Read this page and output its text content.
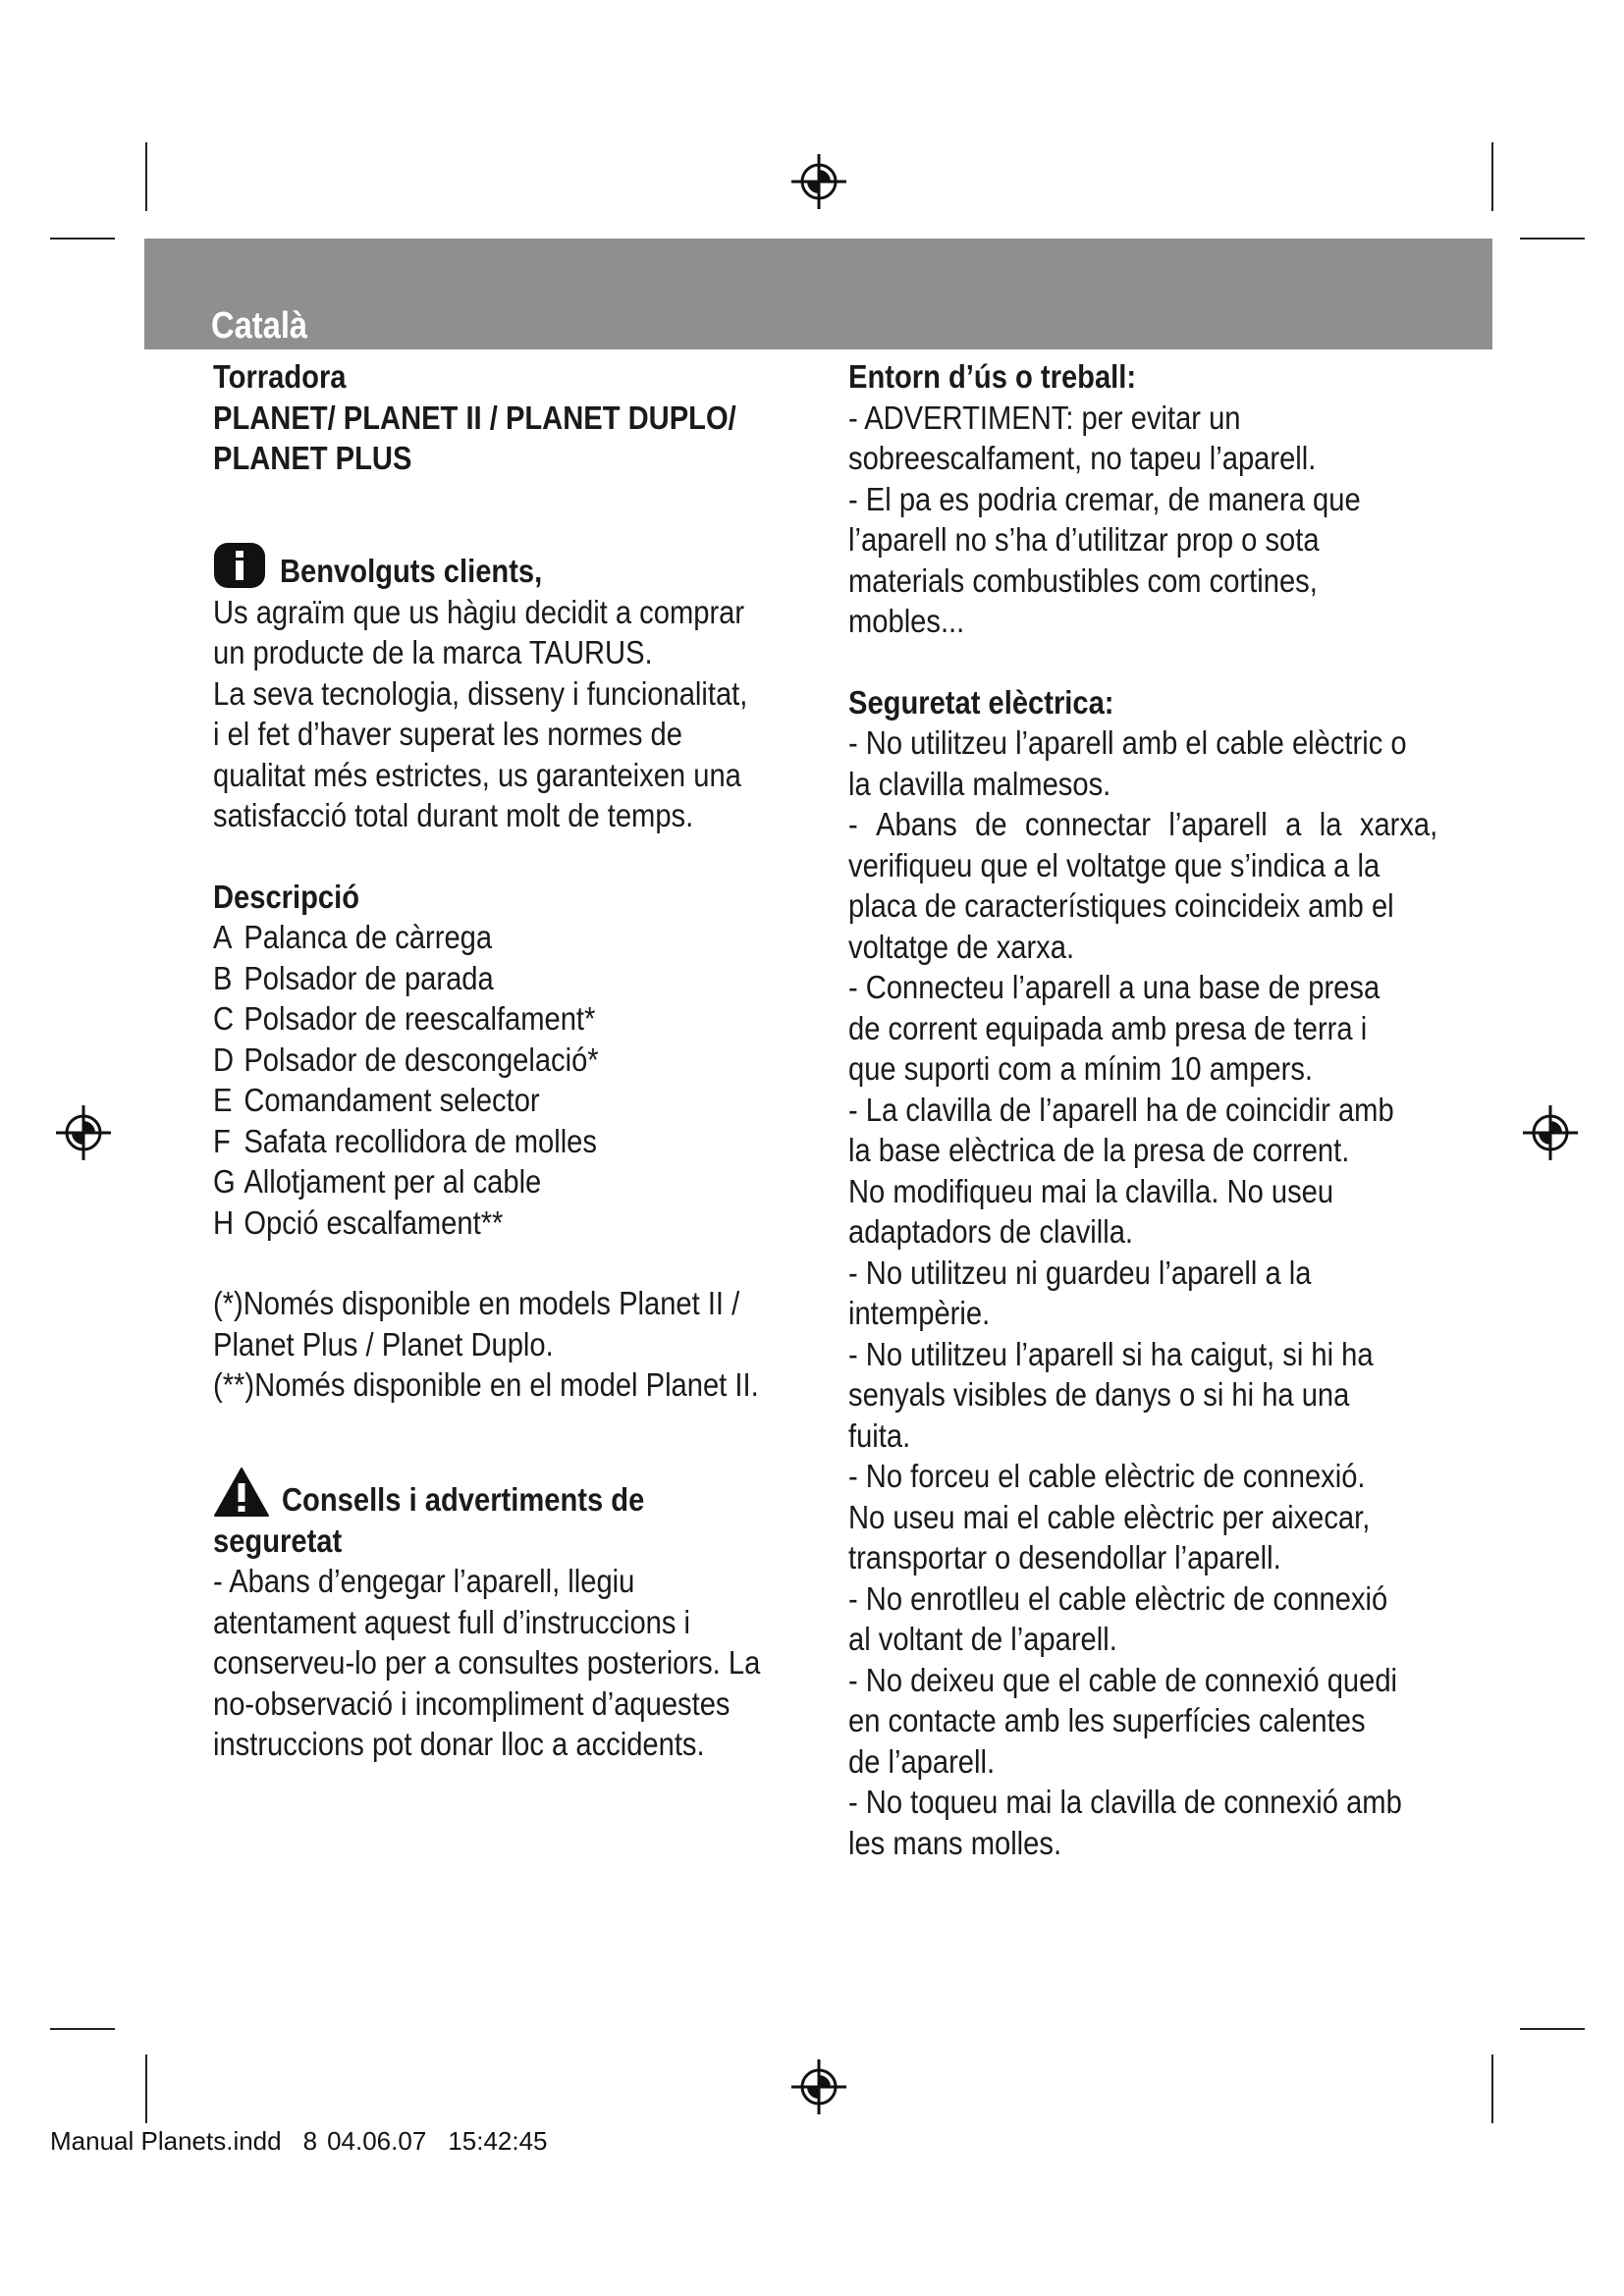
Català
Torradora
PLANET/ PLANET II / PLANET DUPLO/
PLANET PLUS
Benvolguts clients,
Us agraïm que us hàgiu decidit a comprar
un producte de la marca TAURUS.
La seva tecnologia, disseny i funcionalitat,
i el fet d’haver superat les normes de
qualitat més estrictes, us garanteixen una
satisfacció total durant molt de temps.
Descripció
A Palanca de càrrega
B Polsador de parada
C Polsador de reescalfament*
D Polsador de descongelació*
E Comandament selector
F Safata recollidora de molles
G Allotjament per al cable
H Opció escalfament**
(*)Només disponible en models Planet II /
Planet Plus / Planet Duplo.
(**)Només disponible en el model Planet II.
Consells i advertiments de
seguretat
- Abans d’engegar l’aparell, llegiu
atentament aquest full d’instruccions i
conserveu-lo per a consultes posteriors. La
no-observació i incompliment d’aquestes
instruccions pot donar lloc a accidents.
Entorn d’ús o treball:
- ADVERTIMENT: per evitar un
sobreescalfament, no tapeu l’aparell.
- El pa es podria cremar, de manera que
l’aparell no s’ha d’utilitzar prop o sota
materials combustibles com cortines,
mobles...
Seguretat elèctrica:
- No utilitzeu l’aparell amb el cable elèctric o
la clavilla malmesos.
- Abans de connectar l’aparell a la xarxa,
verifiqueu que el voltatge que s’indica a la
placa de característiques coincideix amb el
voltatge de xarxa.
- Connecteu l’aparell a una base de presa
de corrent equipada amb presa de terra i
que suporti com a mínim 10 ampers.
- La clavilla de l’aparell ha de coincidir amb
la base elèctrica de la presa de corrent.
No modifiqueu mai la clavilla. No useu
adaptadors de clavilla.
- No utilitzeu ni guardeu l’aparell a la
intempèrie.
- No utilitzeu l’aparell si ha caigut, si hi ha
senyals visibles de danys o si hi ha una
fuita.
- No forceu el cable elèctric de connexió.
No useu mai el cable elèctric per aixecar,
transportar o desendollar l’aparell.
- No enrotlleu el cable elèctric de connexió
al voltant de l’aparell.
- No deixeu que el cable de connexió quedi
en contacte amb les superfícies calentes
de l’aparell.
- No toqueu mai la clavilla de connexió amb
les mans molles.
Manual Planets.indd 8 04.06.07 15:42:45
